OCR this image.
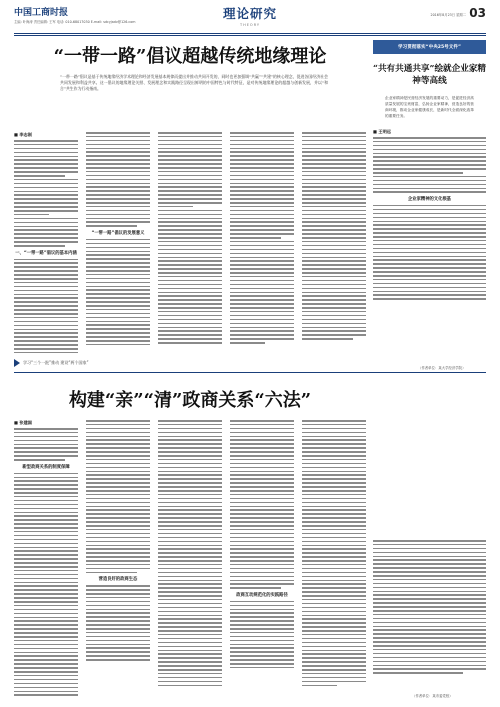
中国工商时报
主编: 叶海涛 责任编辑: 王军 电话: 010-68017030 E-mail: sdcyjadv@126.com
理论研究
THEORY
2016年8月23日 星期二 03
“一带一路”倡议超越传统地缘理论
“一带一路”倡议是基于传统地缘经济学术理论和经济发展基本规律而提出并推动共同开发的，同时也更加强调“共赢”“共建”的核心理念，促进各国经济社会共同发展和利益共享。这一倡议的地缘理论关照、发展理念和实践路径呈现出鲜明的中国特色与时代特征，是对传统地缘理论的超越与创新发展，并以“和合”共生作为行动指南。
■ 李志刚
一、“一带一路”倡议的基本内涵
“一带一路”倡议的发展意义
学习“三个一批”推动 建设“两个国家”
学习贯彻落实“中央25号文件”
“共有共通共享”绘就企业家精神等高线
企业家精神是民营经济发展的重要动力，是促进经济高质量发展的宝贵财富，弘扬企业家精神，营造良好的营商环境，推动企业家健康成长，是新时代全面深化改革的重要任务。
■ 王明远
企业家精神的文化根基
（作者单位：某大学经济学院）
构建“亲”“清”政商关系“六法”
■ 张建国
新型政商关系的制度保障
营造良好的政商生态
政商互动规范化的实践路径
（作者单位：某市委党校）
